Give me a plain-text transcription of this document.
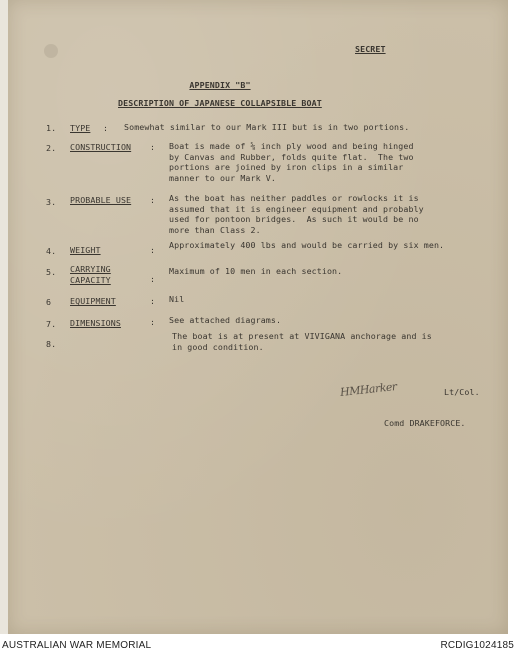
SECRET
APPENDIX "B"
DESCRIPTION OF JAPANESE COLLAPSIBLE BOAT
1. TYPE : Somewhat similar to our Mark III but is in two portions.
2. CONSTRUCTION : Boat is made of ⅝ inch ply wood and being hinged
by Canvas and Rubber, folds quite flat.  The two
portions are joined by iron clips in a similar
manner to our Mark V.
3. PROBABLE USE : As the boat has neither paddles or rowlocks it is
assumed that it is engineer equipment and probably
used for pontoon bridges.  As such it would be no
more than Class 2.
4. WEIGHT	: Approximately 400 lbs and would be carried by six men.
5. CARRYING
CAPACITY	:
Maximum of 10 men in each section.
6 EQUIPMENT	: Nil
7. DIMENSIONS	: See attached diagrams.
8.
The boat is at present at VIVIGANA anchorage and is
in good condition.
HMHarker	Lt/Col.
Comd DRAKEFORCE.
AUSTRALIAN WAR MEMORIAL	RCDIG1024185
